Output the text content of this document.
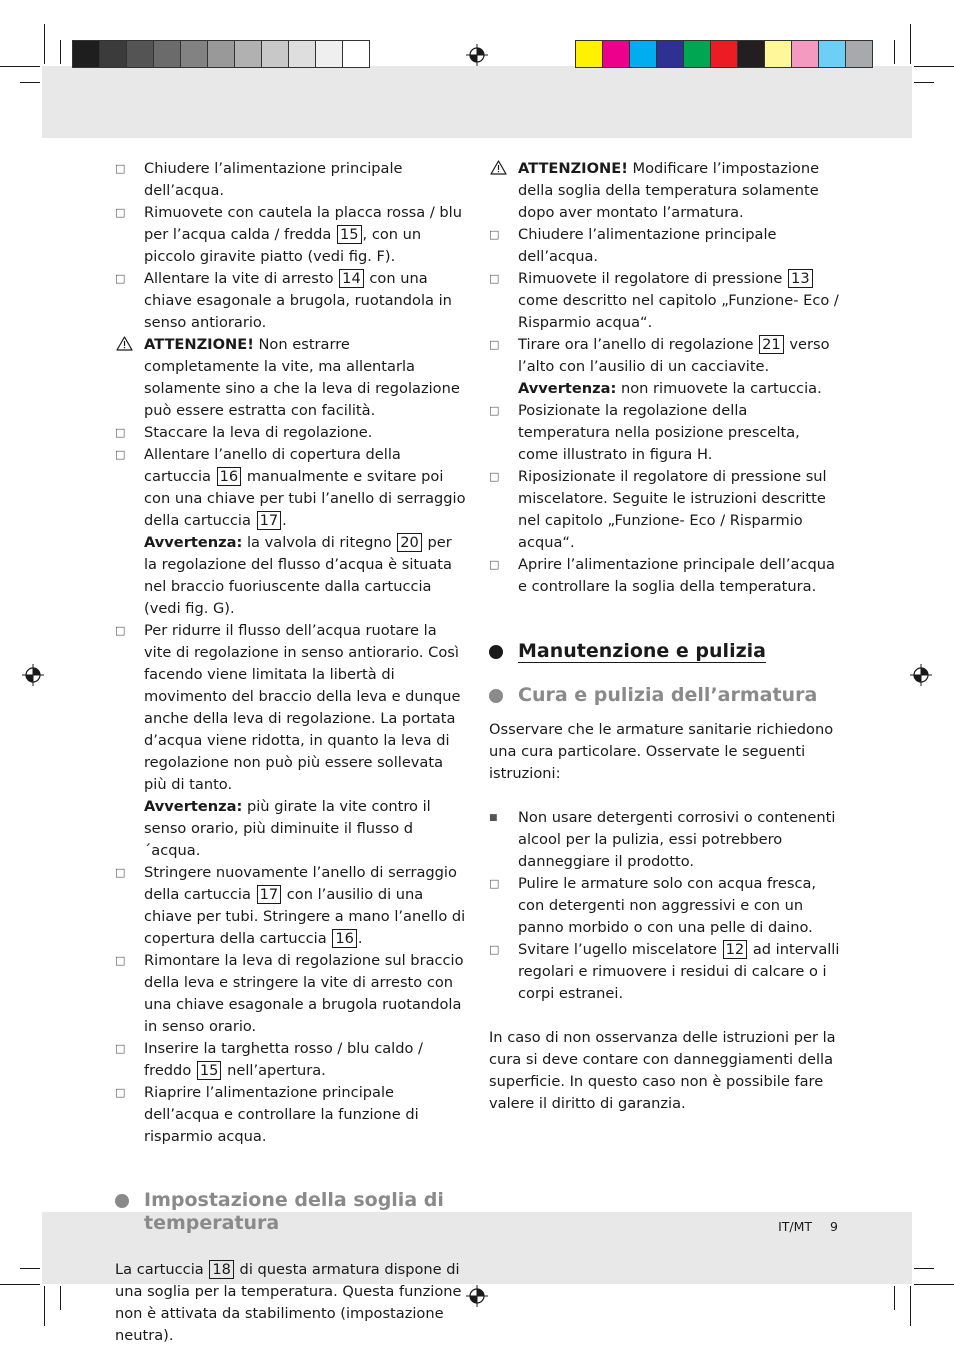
□ Chiudere l’alimentazione principale dell’acqua.
□ Rimuovete con cautela la placca rossa / blu per l’acqua calda / fredda 15 , con un piccolo giravite piatto (vedi fig. F).
□ Allentare la vite di arresto 14 con una chiave esagonale a brugola, ruotandola in senso antiorario.
ATTENZIONE! Non estrarre completamente la vite, ma allentarla solamente sino a che la leva di regolazione può essere estratta con facilità.
□ Staccare la leva di regolazione.
□ Allentare l’anello di copertura della cartuccia 16 manualmente e svitare poi con una chiave per tubi l’anello di serraggio della cartuccia 17 .
Avvertenza: la valvola di ritegno 20 per la regolazione del flusso d’acqua è situata nel braccio fuoriuscente dalla cartuccia (vedi fig. G).
□ Per ridurre il flusso dell’acqua ruotare la vite di regolazione in senso antiorario. Così facendo viene limitata la libertà di movimento del braccio della leva e dunque anche della leva di regolazione. La portata d’acqua viene ridotta, in quanto la leva di regolazione non può più essere sollevata più di tanto.
Avvertenza: più girate la vite contro il senso orario, più diminuite il flusso d´acqua.
□ Stringere nuovamente l’anello di serraggio della cartuccia 17 con l’ausilio di una chiave per tubi. Stringere a mano l’anello di copertura della cartuccia 16 .
□ Rimontare la leva di regolazione sul braccio della leva e stringere la vite di arresto con una chiave esagonale a brugola ruotandola in senso orario.
□ Inserire la targhetta rosso / blu caldo / freddo 15 nell’apertura.
□ Riaprire l’alimentazione principale dell’acqua e controllare la funzione di risparmio acqua.
Impostazione della soglia di temperatura
La cartuccia 18 di questa armatura dispone di una soglia per la temperatura. Questa funzione non è attivata da stabilimento (impostazione neutra).
ATTENZIONE! Modificare l’impostazione della soglia della temperatura solamente dopo aver montato l’armatura.
□ Chiudere l’alimentazione principale dell’acqua.
□ Rimuovete il regolatore di pressione 13 come descritto nel capitolo „Funzione- Eco / Risparmio acqua“.
□ Tirare ora l’anello di regolazione 21 verso l’alto con l’ausilio di un cacciavite.
Avvertenza: non rimuovete la cartuccia.
□ Posizionate la regolazione della temperatura nella posizione prescelta, come illustrato in figura H.
□ Riposizionate il regolatore di pressione sul miscelatore. Seguite le istruzioni descritte nel capitolo „Funzione- Eco / Risparmio acqua“.
□ Aprire l’alimentazione principale dell’acqua e controllare la soglia della temperatura.
Manutenzione e pulizia
Cura e pulizia dell’armatura
Osservare che le armature sanitarie richiedono una cura particolare. Osservate le seguenti istruzioni:
■	Non usare detergenti corrosivi o contenenti alcool per la pulizia, essi potrebbero danneggiare il prodotto.
□ Pulire le armature solo con acqua fresca, con detergenti non aggressivi e con un panno morbido o con una pelle di daino.
□ Svitare l’ugello miscelatore 12 ad intervalli regolari e rimuovere i residui di calcare o i corpi estranei.
In caso di non osservanza delle istruzioni per la cura si deve contare con danneggiamenti della superficie. In questo caso non è possibile fare valere il diritto di garanzia.
IT/MT 9
